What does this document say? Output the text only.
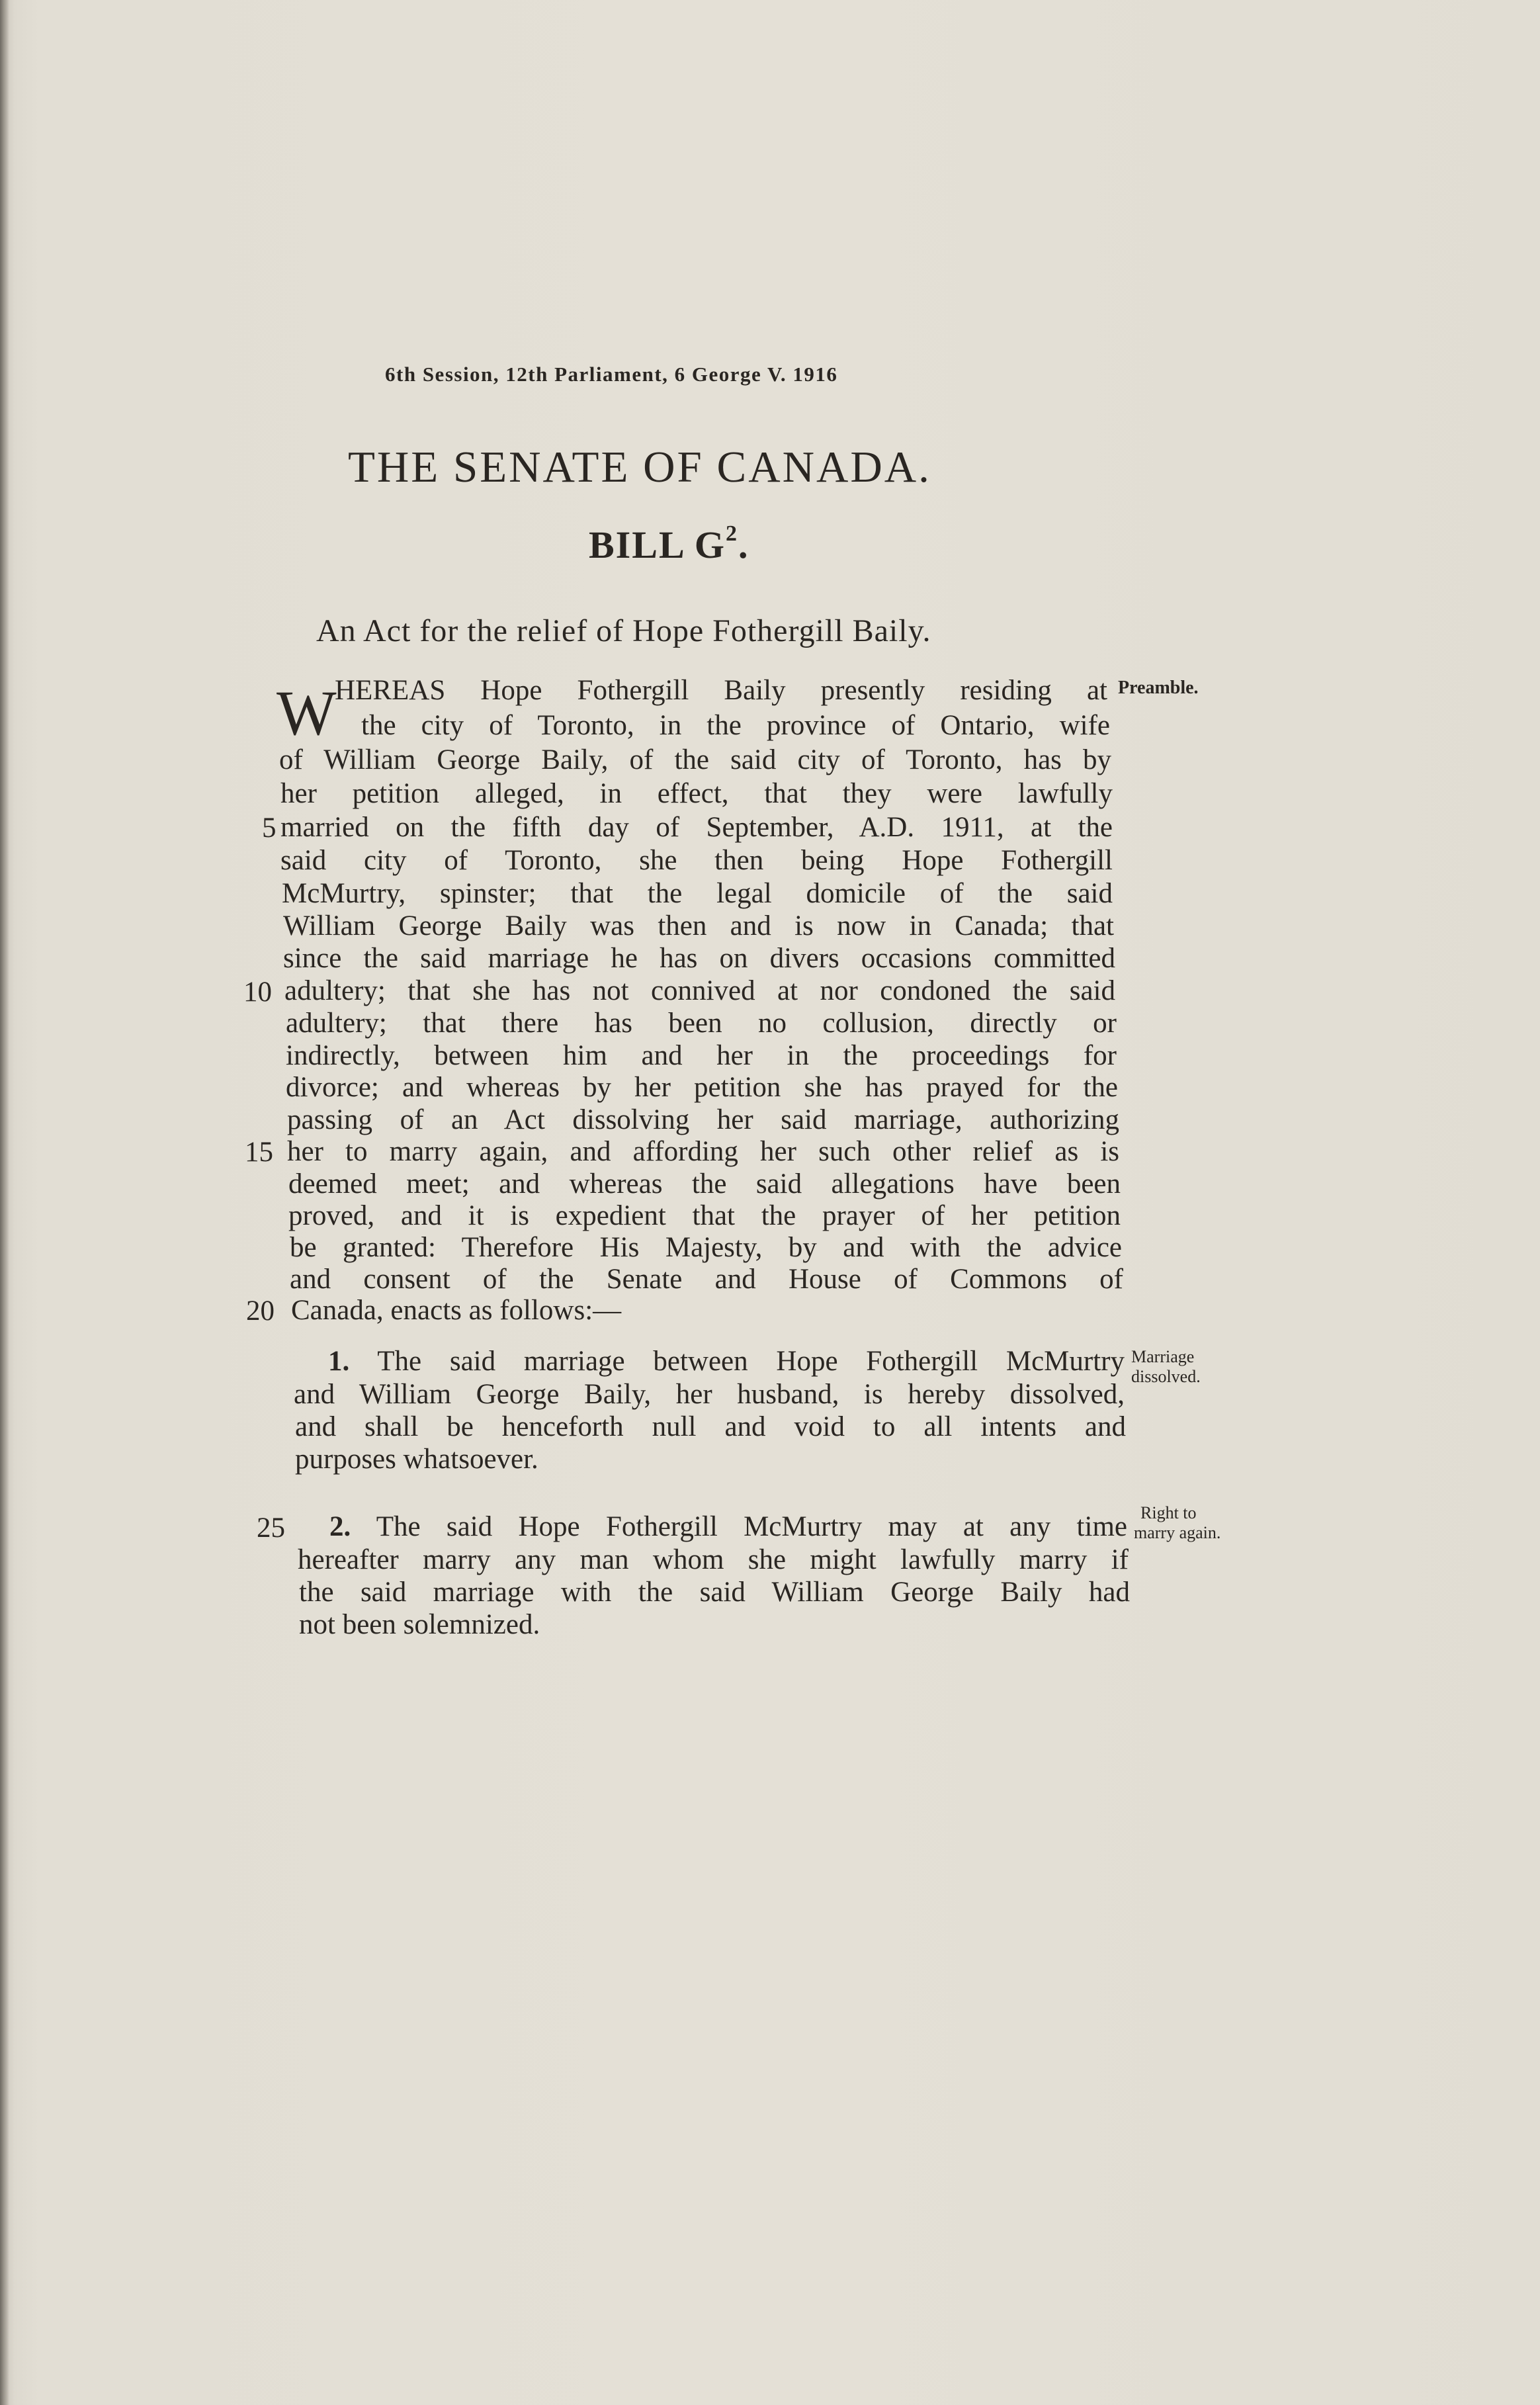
6th Session, 12th Parliament, 6 George V. 1916
THE SENATE OF CANADA.
BILL $G^2$.
An Act for the relief of Hope Fothergill Baily.
W	Preamble.
HEREAS Hope Fothergill Baily presently residing at
the city of Toronto, in the province of Ontario, wife
of William George Baily, of the said city of Toronto, has by
her petition alleged, in effect, that they were lawfully
5 married on the fifth day of September, A.D. 1911, at the
said city of Toronto, she then being Hope Fothergill
McMurtry, spinster; that the legal domicile of the said
William George Baily was then and is now in Canada; that
since the said marriage he has on divers occasions committed
10 adultery; that she has not connived at nor condoned the said
adultery; that there has been no collusion, directly or
indirectly, between him and her in the proceedings for
divorce; and whereas by her petition she has prayed for the
passing of an Act dissolving her said marriage, authorizing
15 her to marry again, and affording her such other relief as is
deemed meet; and whereas the said allegations have been
proved, and it is expedient that the prayer of her petition
be granted: Therefore His Majesty, by and with the advice
and consent of the Senate and House of Commons of
20 Canada, enacts as follows:—
Marriage
dissolved.
1. The said marriage between Hope Fothergill McMurtry
and William George Baily, her husband, is hereby dissolved,
and shall be henceforth null and void to all intents and
purposes whatsoever.
Right to
marry again.
25 2. The said Hope Fothergill McMurtry may at any time
hereafter marry any man whom she might lawfully marry if
the said marriage with the said William George Baily had
not been solemnized.
